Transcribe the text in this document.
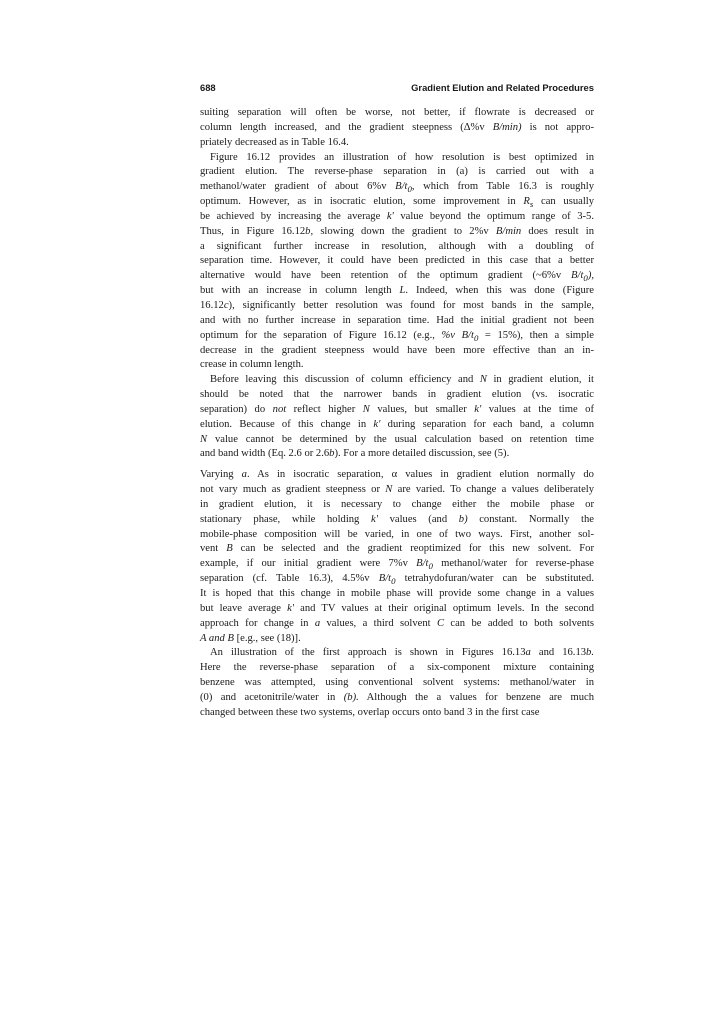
688	Gradient Elution and Related Procedures
suiting separation will often be worse, not better, if flowrate is decreased or
column length increased, and the gradient steepness (Δ%v B/min) is not appro-
priately decreased as in Table 16.4.
Figure 16.12 provides an illustration of how resolution is best optimized in
gradient elution. The reverse-phase separation in (a) is carried out with a
methanol/water gradient of about 6%v $B/t_0$, which from Table 16.3 is roughly
optimum. However, as in isocratic elution, some improvement in $R_s$ can usually
be achieved by increasing the average k' value beyond the optimum range of 3-5.
Thus, in Figure 16.12b, slowing down the gradient to 2%v B/min does result in
a significant further increase in resolution, although with a doubling of
separation time. However, it could have been predicted in this case that a better
alternative would have been retention of the optimum gradient (~6%v $B/t_0$),
but with an increase in column length L. Indeed, when this was done (Figure
16.12c), significantly better resolution was found for most bands in the sample,
and with no further increase in separation time. Had the initial gradient not been
optimum for the separation of Figure 16.12 (e.g., %v $B/t_0 = 15\%$), then a simple
decrease in the gradient steepness would have been more effective than an in-
crease in column length.
Before leaving this discussion of column efficiency and N in gradient elution, it
should be noted that the narrower bands in gradient elution (vs. isocratic
separation) do not reflect higher N values, but smaller k' values at the time of
elution. Because of this change in k' during separation for each band, a column
N value cannot be determined by the usual calculation based on retention time
and band width (Eq. 2.6 or 2.6b). For a more detailed discussion, see (5).
Varying a. As in isocratic separation, α values in gradient elution normally do
not vary much as gradient steepness or N are varied. To change a values deliberately
in gradient elution, it is necessary to change either the mobile phase or
stationary phase, while holding k' values (and b) constant. Normally the
mobile-phase composition will be varied, in one of two ways. First, another sol-
vent B can be selected and the gradient reoptimized for this new solvent. For
example, if our initial gradient were 7%v $B/t_0$ methanol/water for reverse-phase
separation (cf. Table 16.3), 4.5%v $B/t_0$ tetrahydofuran/water can be substituted.
It is hoped that this change in mobile phase will provide some change in a values
but leave average k' and TV values at their original optimum levels. In the second
approach for change in a values, a third solvent C can be added to both solvents
A and B [e.g., see (18)].
An illustration of the first approach is shown in Figures 16.13a and 16.13b.
Here the reverse-phase separation of a six-component mixture containing
benzene was attempted, using conventional solvent systems: methanol/water in
(0) and acetonitrile/water in (b). Although the a values for benzene are much
changed between these two systems, overlap occurs onto band 3 in the first case
